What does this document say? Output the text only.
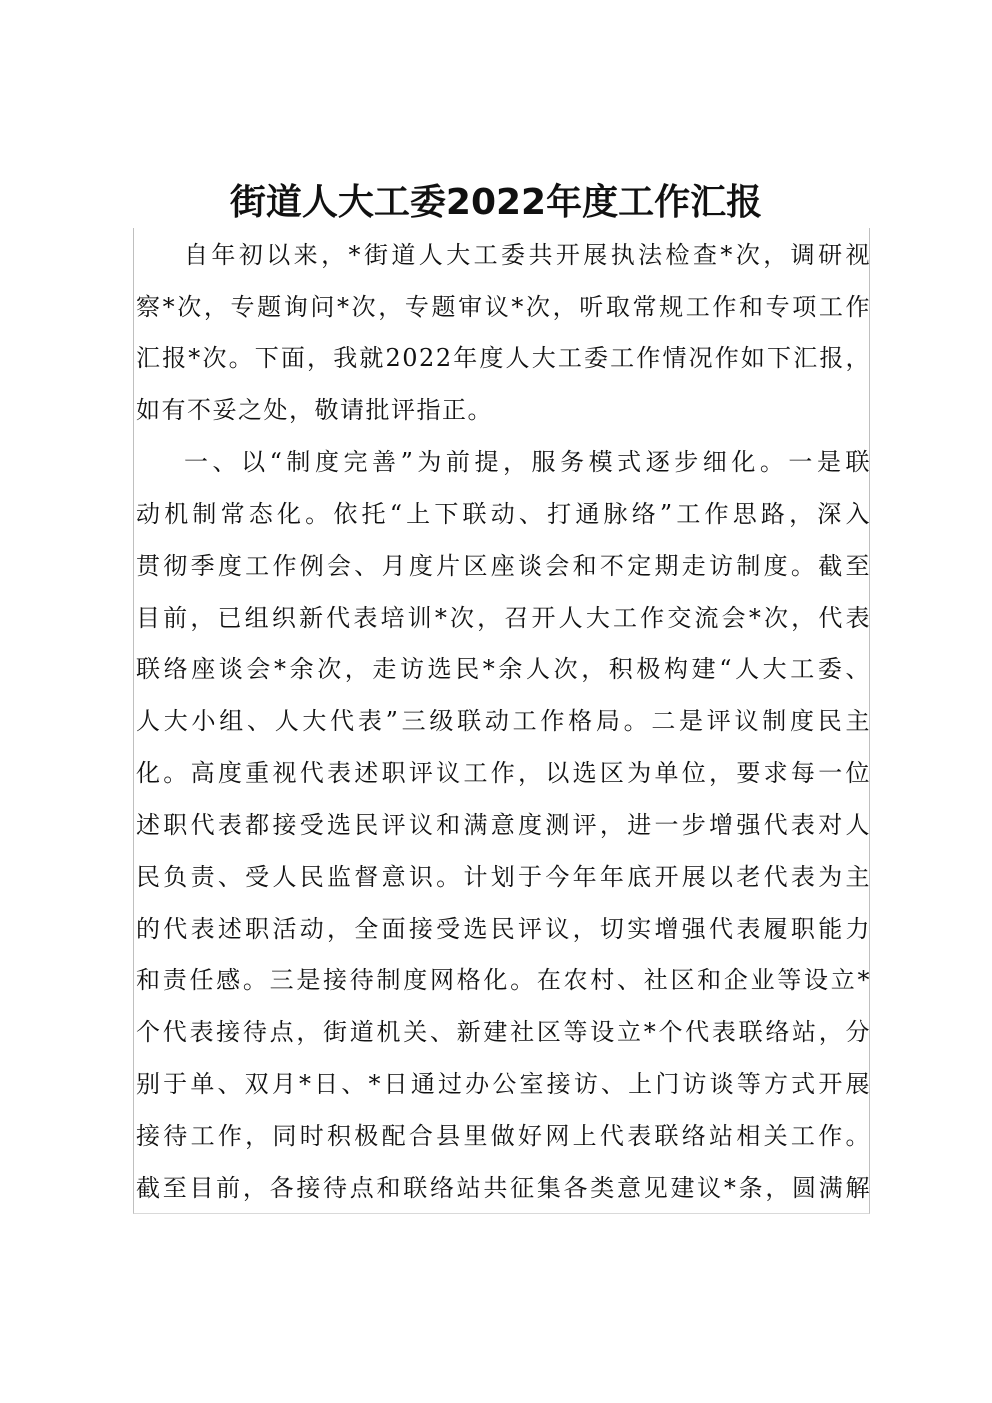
街道人大工委2022年度工作汇报
自年初以来，*街道人大工委共开展执法检查*次，调研视
察*次，专题询问*次，专题审议*次，听取常规工作和专项工作
汇报*次。下面，我就2022年度人大工委工作情况作如下汇报，
如有不妥之处，敬请批评指正。
一、以“制度完善”为前提，服务模式逐步细化。一是联
动机制常态化。依托“上下联动、打通脉络”工作思路，深入
贯彻季度工作例会、月度片区座谈会和不定期走访制度。截至
目前，已组织新代表培训*次，召开人大工作交流会*次，代表
联络座谈会*余次，走访选民*余人次，积极构建“人大工委、
人大小组、人大代表”三级联动工作格局。二是评议制度民主
化。高度重视代表述职评议工作，以选区为单位，要求每一位
述职代表都接受选民评议和满意度测评，进一步增强代表对人
民负责、受人民监督意识。计划于今年年底开展以老代表为主
的代表述职活动，全面接受选民评议，切实增强代表履职能力
和责任感。三是接待制度网格化。在农村、社区和企业等设立*
个代表接待点，街道机关、新建社区等设立*个代表联络站，分
别于单、双月*日、*日通过办公室接访、上门访谈等方式开展
接待工作，同时积极配合县里做好网上代表联络站相关工作。
截至目前，各接待点和联络站共征集各类意见建议*条，圆满解
